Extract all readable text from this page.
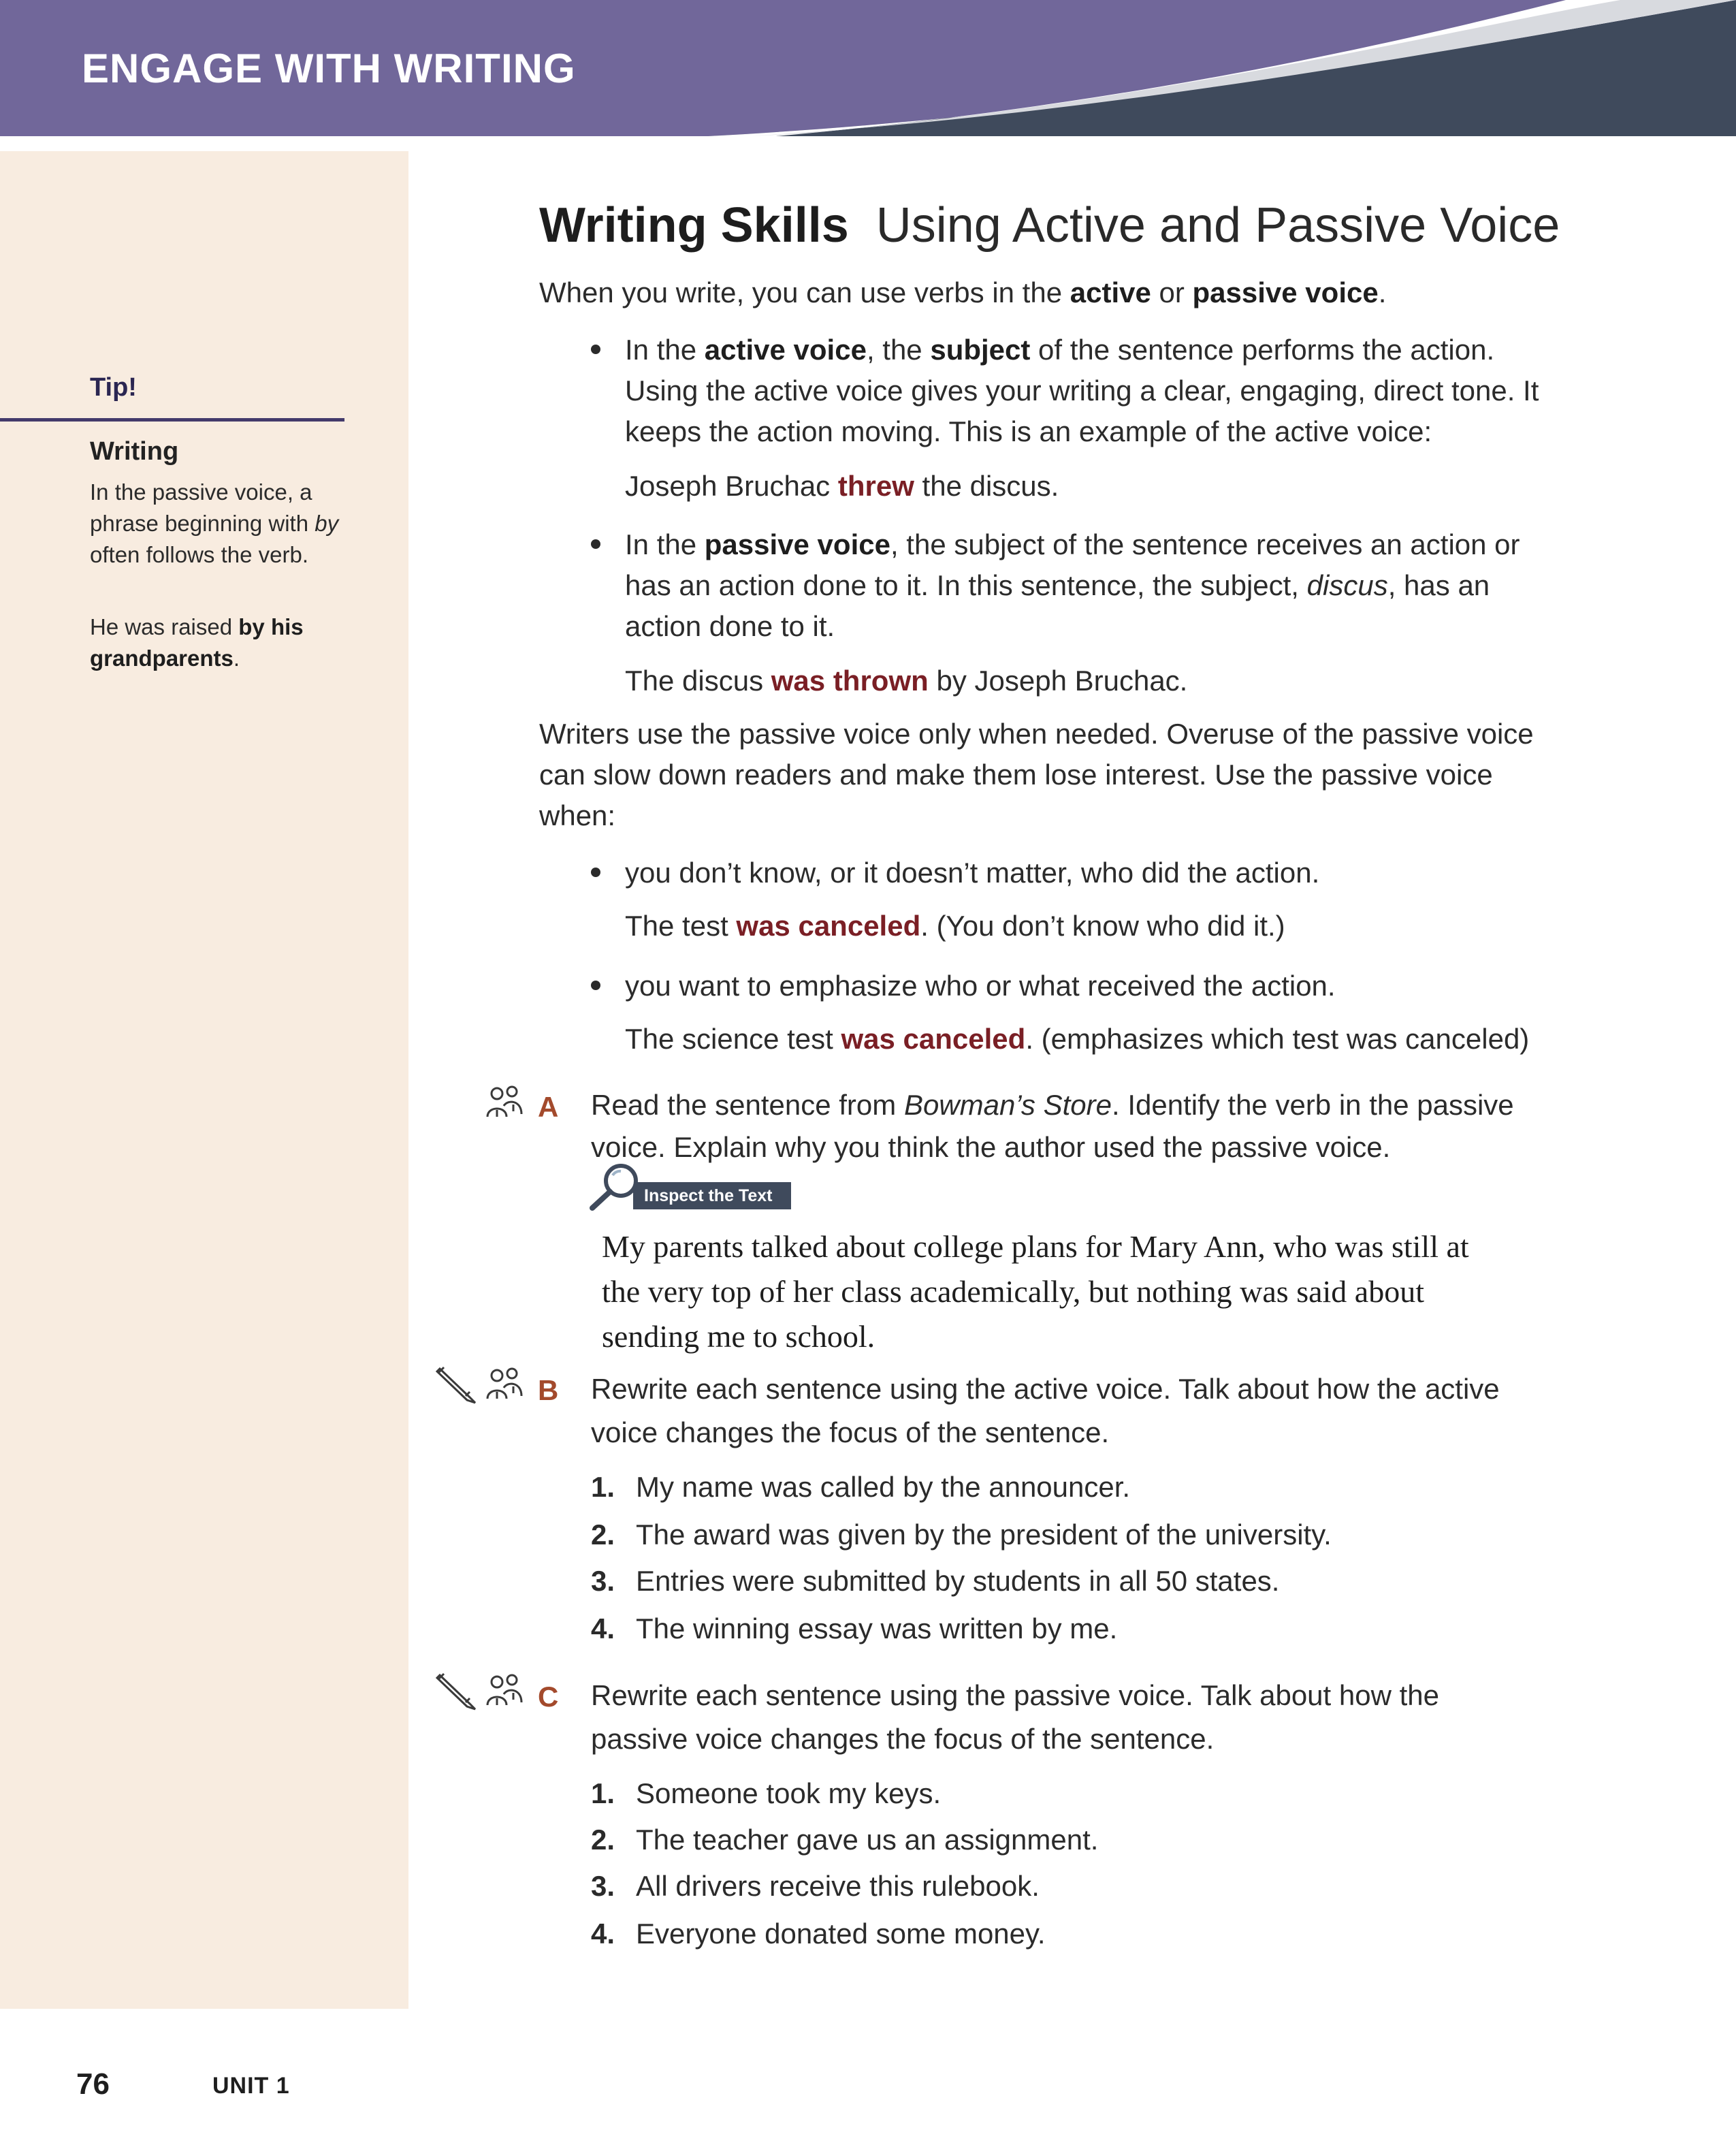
ENGAGE WITH WRITING
Tip!
Writing

In the passive voice, a phrase beginning with by often follows the verb.

He was raised by his grandparents.

Writing Skills Using Active and Passive Voice

When you write, you can use verbs in the active or passive voice.

In the active voice, the subject of the sentence performs the action. Using the active voice gives your writing a clear, engaging, direct tone. It keeps the action moving. This is an example of the active voice:

Joseph Bruchac threw the discus.

In the passive voice, the subject of the sentence receives an action or has an action done to it. In this sentence, the subject, discus, has an action done to it.

The discus was thrown by Joseph Bruchac.

Writers use the passive voice only when needed. Overuse of the passive voice can slow down readers and make them lose interest. Use the passive voice when:

you don’t know, or it doesn’t matter, who did the action.

The test was canceled. (You don’t know who did it.)

you want to emphasize who or what received the action.

The science test was canceled. (emphasizes which test was canceled)

A Read the sentence from Bowman’s Store. Identify the verb in the passive voice. Explain why you think the author used the passive voice.

Inspect the Text

My parents talked about college plans for Mary Ann, who was still at the very top of her class academically, but nothing was said about sending me to school.

B Rewrite each sentence using the active voice. Talk about how the active voice changes the focus of the sentence.

1. My name was called by the announcer.

2. The award was given by the president of the university.

3. Entries were submitted by students in all 50 states.

4. The winning essay was written by me.

C Rewrite each sentence using the passive voice. Talk about how the passive voice changes the focus of the sentence.

1. Someone took my keys.

2. The teacher gave us an assignment.

3. All drivers receive this rulebook.

4. Everyone donated some money.

76	UNIT 1
